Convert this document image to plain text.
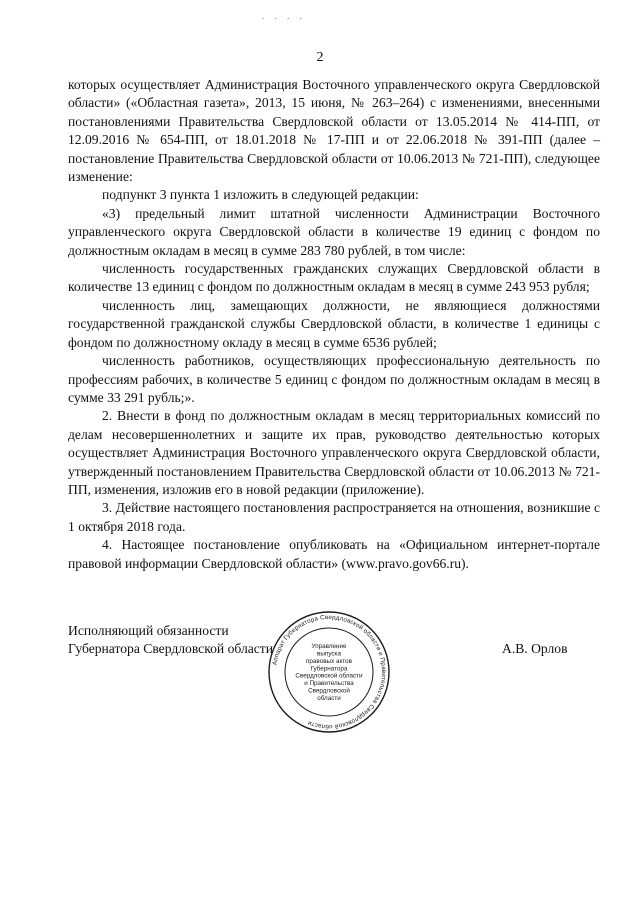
. . . .
2

которых осуществляет Администрация Восточного управленческого округа Свердловской области» («Областная газета», 2013, 15 июня, № 263–264) с изменениями, внесенными постановлениями Правительства Свердловской области от 13.05.2014 № 414-ПП, от 12.09.2016 № 654-ПП, от 18.01.2018 № 17-ПП и от 22.06.2018 № 391-ПП (далее – постановление Правительства Свердловской области от 10.06.2013 № 721-ПП), следующее изменение:

подпункт 3 пункта 1 изложить в следующей редакции:

«3) предельный лимит штатной численности Администрации Восточного управленческого округа Свердловской области в количестве 19 единиц с фондом по должностным окладам в месяц в сумме 283 780 рублей, в том числе:

численность государственных гражданских служащих Свердловской области в количестве 13 единиц с фондом по должностным окладам в месяц в сумме 243 953 рубля;

численность лиц, замещающих должности, не являющиеся должностями государственной гражданской службы Свердловской области, в количестве 1 единицы с фондом по должностному окладу в месяц в сумме 6536 рублей;

численность работников, осуществляющих профессиональную деятельность по профессиям рабочих, в количестве 5 единиц с фондом по должностным окладам в месяц в сумме 33 291 рубль;».

2. Внести в фонд по должностным окладам в месяц территориальных комиссий по делам несовершеннолетних и защите их прав, руководство деятельностью которых осуществляет Администрация Восточного управленческого округа Свердловской области, утвержденный постановлением Правительства Свердловской области от 10.06.2013 № 721-ПП, изменения, изложив его в новой редакции (приложение).

3. Действие настоящего постановления распространяется на отношения, возникшие с 1 октября 2018 года.

4. Настоящее постановление опубликовать на «Официальном интернет-портале правовой информации Свердловской области» (www.pravo.gov66.ru).

Исполняющий обязанности
Губернатора Свердловской области	А.В. Орлов
Аппарат Губернатора Свердловской области и Правительства Свердловской области
Управление
выпуска
правовых актов
Губернатора
Свердловской области
и Правительства
Свердловской
области
